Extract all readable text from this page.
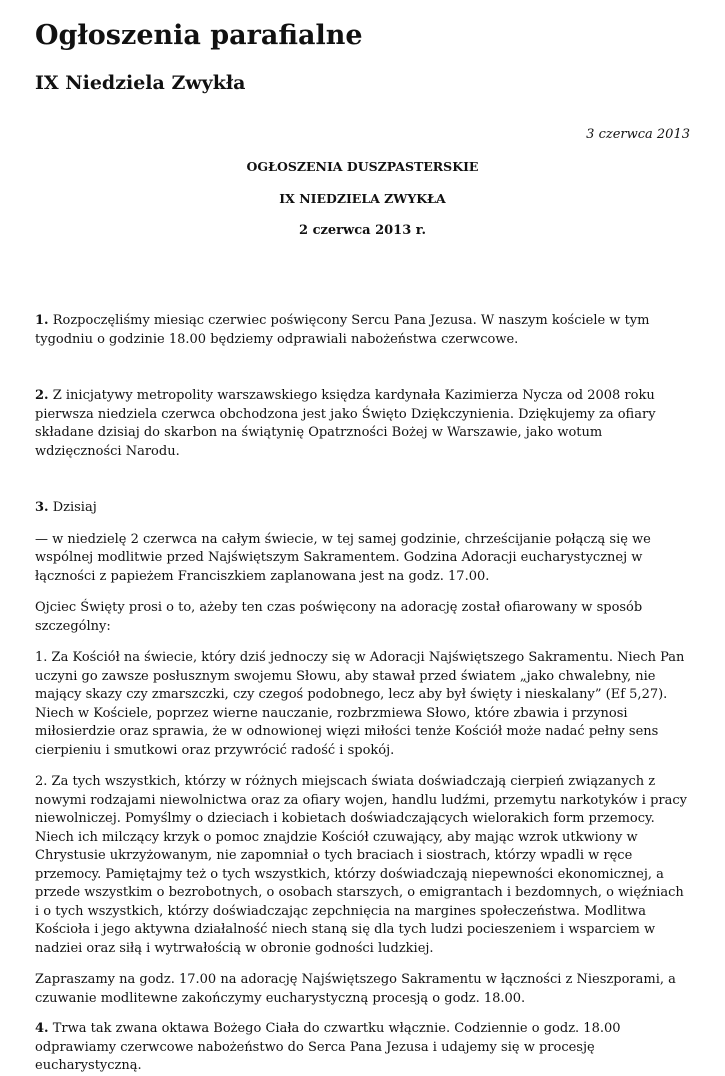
Ogłoszenia parafialne
IX Niedziela Zwykła
3 czerwca 2013
OGŁOSZENIA DUSZPASTERSKIE
IX NIEDZIELA ZWYKŁA
2 czerwca 2013 r.

1. Rozpoczęliśmy miesiąc czerwiec poświęcony Sercu Pana Jezusa. W naszym kościele w tym tygodniu o godzinie 18.00 będziemy odprawiali nabożeństwa czerwcowe.

2. Z inicjatywy metropolity warszawskiego księdza kardynała Kazimierza Nycza od 2008 roku pierwsza niedziela czerwca obchodzona jest jako Święto Dziękczynienia. Dziękujemy za ofiary składane dzisiaj do skarbon na świątynię Opatrzności Bożej w Warszawie, jako wotum wdzięczności Narodu.

3. Dzisiaj

— w niedzielę 2 czerwca na całym świecie, w tej samej godzinie, chrześcijanie połączą się we wspólnej modlitwie przed Najświętszym Sakramentem. Godzina Adoracji eucharystycznej w łączności z papieżem Franciszkiem zaplanowana jest na godz. 17.00.

Ojciec Święty prosi o to, ażeby ten czas poświęcony na adorację został ofiarowany w sposób szczególny:

1. Za Kościół na świecie, który dziś jednoczy się w Adoracji Najświętszego Sakramentu. Niech Pan uczyni go zawsze posłusznym swojemu Słowu, aby stawał przed światem „jako chwalebny, nie mający skazy czy zmarszczki, czy czegoś podobnego, lecz aby był święty i nieskalany” (Ef 5,27). Niech w Kościele, poprzez wierne nauczanie, rozbrzmiewa Słowo, które zbawia i przynosi miłosierdzie oraz sprawia, że w odnowionej więzi miłości tenże Kościół może nadać pełny sens cierpieniu i smutkowi oraz przywrócić radość i spokój.

2. Za tych wszystkich, którzy w różnych miejscach świata doświadczają cierpień związanych z nowymi rodzajami niewolnictwa oraz za ofiary wojen, handlu ludźmi, przemytu narkotyków i pracy niewolniczej. Pomyślmy o dzieciach i kobietach doświadczających wielorakich form przemocy. Niech ich milczący krzyk o pomoc znajdzie Kościół czuwający, aby mając wzrok utkwiony w Chrystusie ukrzyżowanym, nie zapomniał o tych braciach i siostrach, którzy wpadli w ręce przemocy. Pamiętajmy też o tych wszystkich, którzy doświadczają niepewności ekonomicznej, a przede wszystkim o bezrobotnych, o osobach starszych, o emigrantach i bezdomnych, o więźniach i o tych wszystkich, którzy doświadczając zepchnięcia na margines społeczeństwa. Modlitwa Kościoła i jego aktywna działalność niech staną się dla tych ludzi pocieszeniem i wsparciem w nadziei oraz siłą i wytrwałością w obronie godności ludzkiej.

Zapraszamy na godz. 17.00 na adorację Najświętszego Sakramentu w łączności z Nieszporami, a czuwanie modlitewne zakończymy eucharystyczną procesją o godz. 18.00.

4. Trwa tak zwana oktawa Bożego Ciała do czwartku włącznie. Codziennie o godz. 18.00 odprawiamy czerwcowe nabożeństwo do Serca Pana Jezusa i udajemy się w procesję eucharystyczną.
